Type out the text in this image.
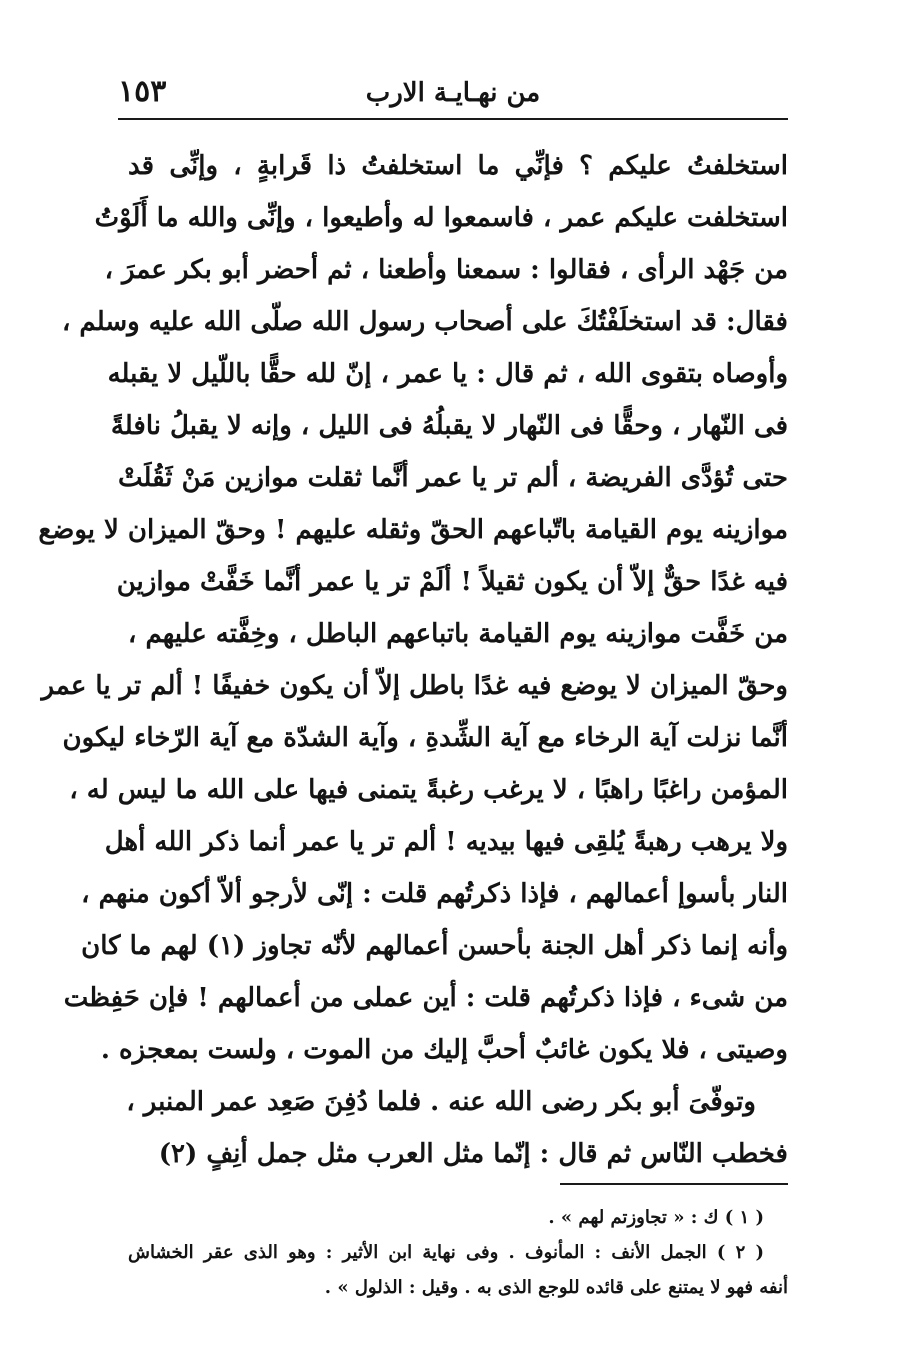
١٥٣	من نهـايـة الارب
استخلفتُ عليكم ؟ فإنِّي ما استخلفتُ ذا قَرابةٍ ، وإنِّى قد
استخلفت عليكم عمر ، فاسمعوا له وأطيعوا ، وإنِّى والله ما أَلَوْتُ
من جَهْد الرأى ، فقالوا : سمعنا وأطعنا ، ثم أحضر أبو بكر عمرَ ،
فقال: قد استخلَفْتُكَ على أصحاب رسول الله صلّى الله عليه وسلم ،
وأوصاه بتقوى الله ، ثم قال : يا عمر ، إنّ لله حقًّا باللّيل لا يقبله
فى النّهار ، وحقًّا فى النّهار لا يقبلُهُ فى الليل ، وإنه لا يقبلُ نافلةً
حتى تُؤدَّى الفريضة ، ألم تر يا عمر أنَّما ثقلت موازين مَنْ ثَقُلَتْ
موازينه يوم القيامة باتّباعهم الحقّ وثقله عليهم ! وحقّ الميزان لا يوضع
فيه غدًا حقٌّ إلاّ أن يكون ثقيلاً ! ألَمْ تر يا عمر أنَّما خَفَّتْ موازين
من خَفَّت موازينه يوم القيامة باتباعهم الباطل ، وخِفَّته عليهم ،
وحقّ الميزان لا يوضع فيه غدًا باطل إلاّ أن يكون خفيفًا ! ألم تر يا عمر
أنَّما نزلت آية الرخاء مع آية الشِّدةِ ، وآية الشدّة مع آية الرّخاء ليكون
المؤمن راغبًا راهبًا ، لا يرغب رغبةً يتمنى فيها على الله ما ليس له ،
ولا يرهب رهبةً يُلقِى فيها بيديه ! ألم تر يا عمر أنما ذكر الله أهل
النار بأسوإ أعمالهم ، فإذا ذكرتُهم قلت : إنّى لأرجو ألاّ أكون منهم ،
وأنه إنما ذكر أهل الجنة بأحسن أعمالهم لأنّه تجاوز (١) لهم ما كان
من شىء ، فإذا ذكرتُهم قلت : أين عملى من أعمالهم ! فإن حَفِظت
وصيتى ، فلا يكون غائبٌ أحبَّ إليك من الموت ، ولست بمعجزه .
وتوفّىَ أبو بكر رضى الله عنه . فلما دُفِنَ صَعِد عمر المنبر ،
فخطب النّاس ثم قال : إنّما مثل العرب مثل جمل أنِفٍ (٢)
( ١ ) ك : « تجاوزتم لهم » .
( ٢ ) الجمل الأنف : المأنوف . وفى نهاية ابن الأثير : وهو الذى عقر الخشاش
أنفه فهو لا يمتنع على قائده للوجع الذى به . وقيل : الذلول » .
